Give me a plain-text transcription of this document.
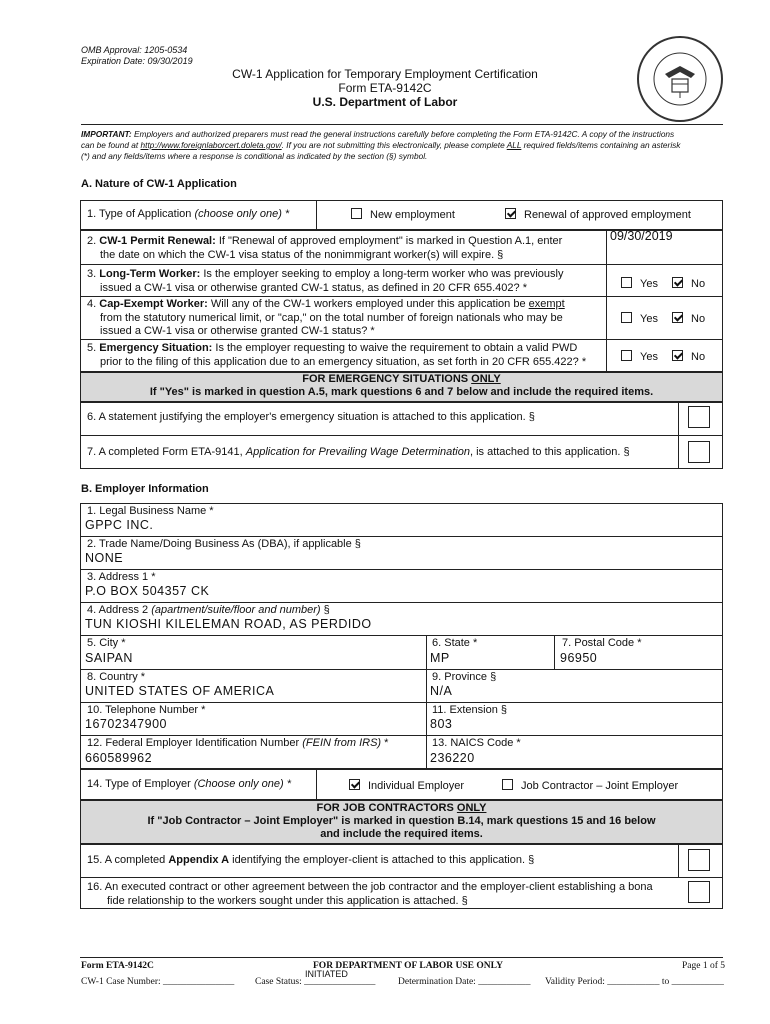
OMB Approval: 1205-0534
Expiration Date: 09/30/2019
CW-1 Application for Temporary Employment Certification
Form ETA-9142C
U.S. Department of Labor
IMPORTANT: Employers and authorized preparers must read the general instructions carefully before completing the Form ETA-9142C. A copy of the instructions
can be found at http://www.foreignlaborcert.doleta.gov/. If you are not submitting this electronically, please complete ALL required fields/items containing an asterisk
(*) and any fields/items where a response is conditional as indicated by the section (§) symbol.
A. Nature of CW-1 Application
1. Type of Application (choose only one) *	New employment	Renewal of approved employment
2. CW-1 Permit Renewal: If "Renewal of approved employment" is marked in Question A.1, enter
the date on which the CW-1 visa status of the nonimmigrant worker(s) will expire. §
09/30/2019
3. Long-Term Worker: Is the employer seeking to employ a long-term worker who was previously
issued a CW-1 visa or otherwise granted CW-1 status, as defined in 20 CFR 655.402? *	Yes	No
4. Cap-Exempt Worker: Will any of the CW-1 workers employed under this application be exempt
from the statutory numerical limit, or "cap," on the total number of foreign nationals who may be
issued a CW-1 visa or otherwise granted CW-1 status? *
Yes	No
5. Emergency Situation: Is the employer requesting to waive the requirement to obtain a valid PWD
prior to the filing of this application due to an emergency situation, as set forth in 20 CFR 655.422? *	Yes	No
FOR EMERGENCY SITUATIONS ONLY
If "Yes" is marked in question A.5, mark questions 6 and 7 below and include the required items.
6. A statement justifying the employer's emergency situation is attached to this application. §
7. A completed Form ETA-9141, Application for Prevailing Wage Determination, is attached to this application. §
B. Employer Information
1. Legal Business Name *
GPPC INC.
2. Trade Name/Doing Business As (DBA), if applicable §
NONE
3. Address 1 *
P.O BOX 504357 CK
4. Address 2 (apartment/suite/floor and number) §
TUN KIOSHI KILELEMAN ROAD, AS PERDIDO
5. City *
SAIPAN
6. State *
MP
7. Postal Code *
96950
8. Country *
UNITED STATES OF AMERICA
9. Province §
N/A
10. Telephone Number *
16702347900
11. Extension §
803
12. Federal Employer Identification Number (FEIN from IRS) *
660589962
13. NAICS Code *
236220
14. Type of Employer (Choose only one) *	Individual Employer	Job Contractor – Joint Employer
FOR JOB CONTRACTORS ONLY
If "Job Contractor – Joint Employer" is marked in question B.14, mark questions 15 and 16 below
and include the required items.
15. A completed Appendix A identifying the employer-client is attached to this application. §
16. An executed contract or other agreement between the job contractor and the employer-client establishing a bona
fide relationship to the workers sought under this application is attached. §
Form ETA-9142C	FOR DEPARTMENT OF LABOR USE ONLY	Page 1 of 5
INITIATED
CW-1 Case Number: _______________ Case Status: _______________ Determination Date: ___________ Validity Period: ___________ to ___________
